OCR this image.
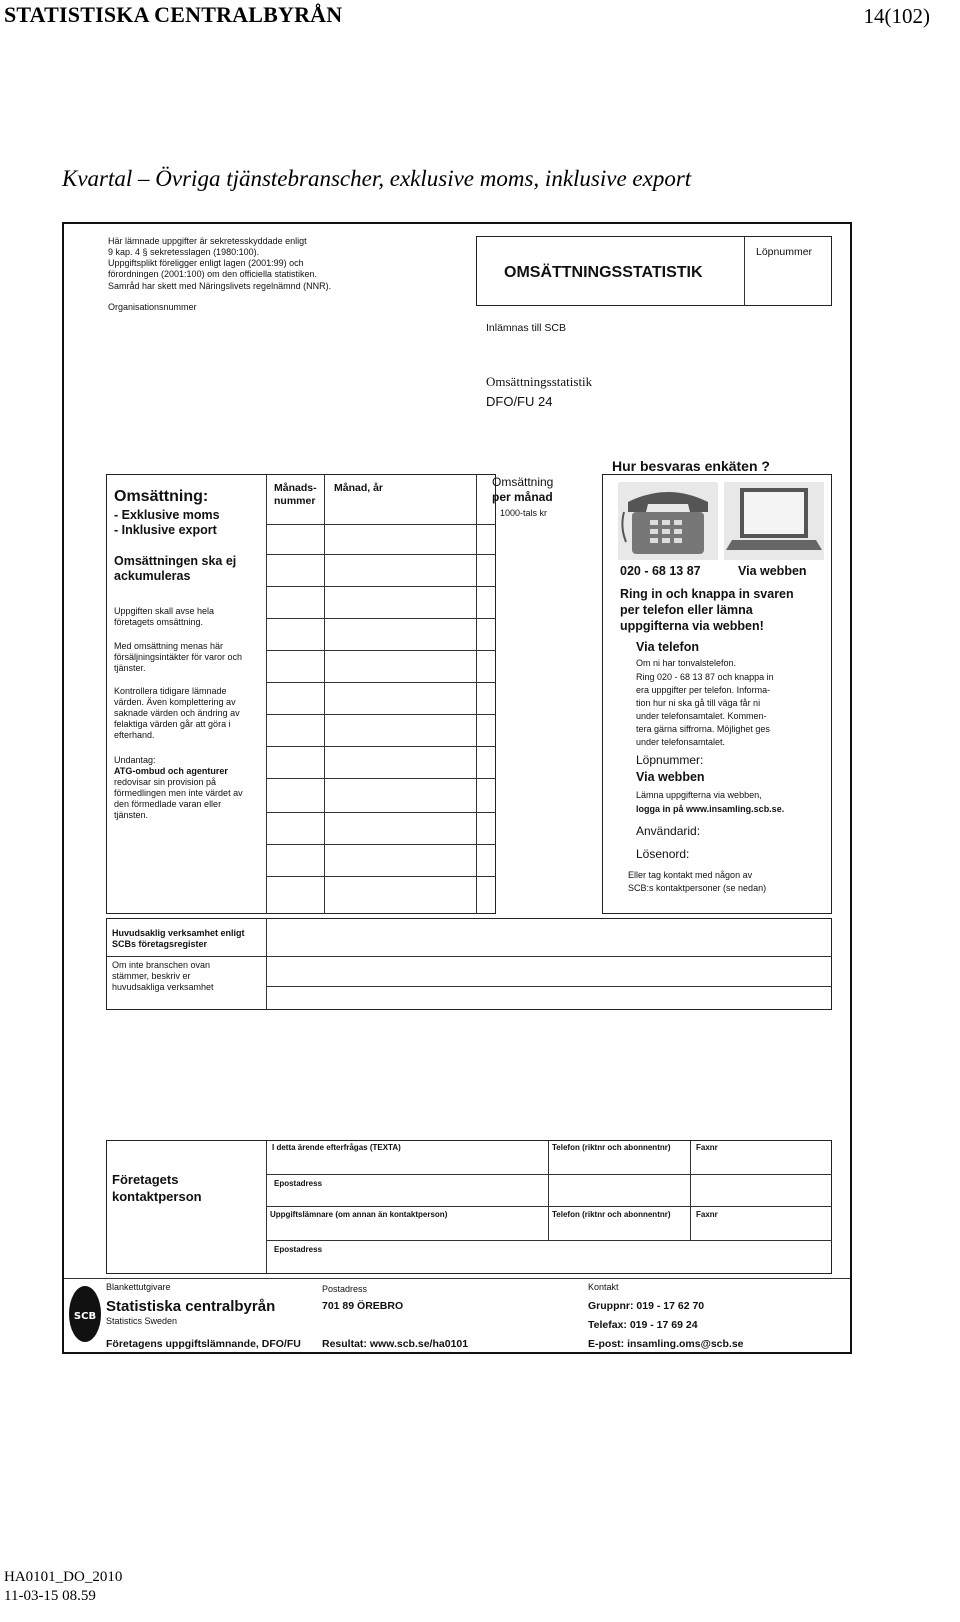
STATISTISKA CENTRALBYRÅN	14(102)
Kvartal – Övriga tjänstebranscher, exklusive moms, inklusive export
Här lämnade uppgifter är sekretesskyddade enligt
9 kap. 4 § sekretesslagen (1980:100).
Uppgiftsplikt föreligger enligt lagen (2001:99) och
förordningen (2001:100) om den officiella statistiken.
Samråd har skett med Näringslivets regelnämnd (NNR).
Organisationsnummer
OMSÄTTNINGSSTATISTIK
Löpnummer
Inlämnas till SCB
Omsättningsstatistik
DFO/FU 24
Omsättning:
- Exklusive moms
- Inklusive export
Omsättningen ska ej
ackumuleras
Uppgiften skall avse hela
företagets omsättning.
Med omsättning menas här
försäljningsintäkter för varor och
tjänster.
Kontrollera tidigare lämnade
värden. Även komplettering av
saknade värden och ändring av
felaktiga värden går att göra i
efterhand.
Undantag:
ATG-ombud och agenturer
redovisar sin provision på
förmedlingen men inte värdet av
den förmedlade varan eller
tjänsten.
Månads-
nummer
Månad, år	Omsättning
per månad
1000-tals kr
Hur besvaras enkäten ?
020 - 68 13 87	Via webben
Ring in och knappa in svaren
per telefon eller lämna
uppgifterna via webben!
Via telefon
Om ni har tonvalstelefon.
Ring 020 - 68 13 87 och knappa in
era uppgifter per telefon. Informa-
tion hur ni ska gå till väga får ni
under telefonsamtalet. Kommen-
tera gärna siffrorna. Möjlighet ges
under telefonsamtalet.
Löpnummer:
Via webben
Lämna uppgifterna via webben,
logga in på www.insamling.scb.se.
Användarid:
Lösenord:
Eller tag kontakt med någon av
SCB:s kontaktpersoner (se nedan)
Huvudsaklig verksamhet enligt
SCBs företagsregister
Om inte branschen ovan
stämmer, beskriv er
huvudsakliga verksamhet
Företagets
kontaktperson
I detta ärende efterfrågas (TEXTA)	Telefon (riktnr och abonnentnr)	Faxnr
Epostadress
Uppgiftslämnare (om annan än kontaktperson)	Telefon (riktnr och abonnentnr)	Faxnr
Epostadress
SCB
Blankettutgivare
Statistiska centralbyrån
Statistics Sweden
Företagens uppgiftslämnande, DFO/FU
Postadress
701 89 ÖREBRO
Resultat: www.scb.se/ha0101
Kontakt
Gruppnr: 019 - 17 62 70
Telefax: 019 - 17 69 24
E-post: insamling.oms@scb.se
HA0101_DO_2010
11-03-15 08.59
